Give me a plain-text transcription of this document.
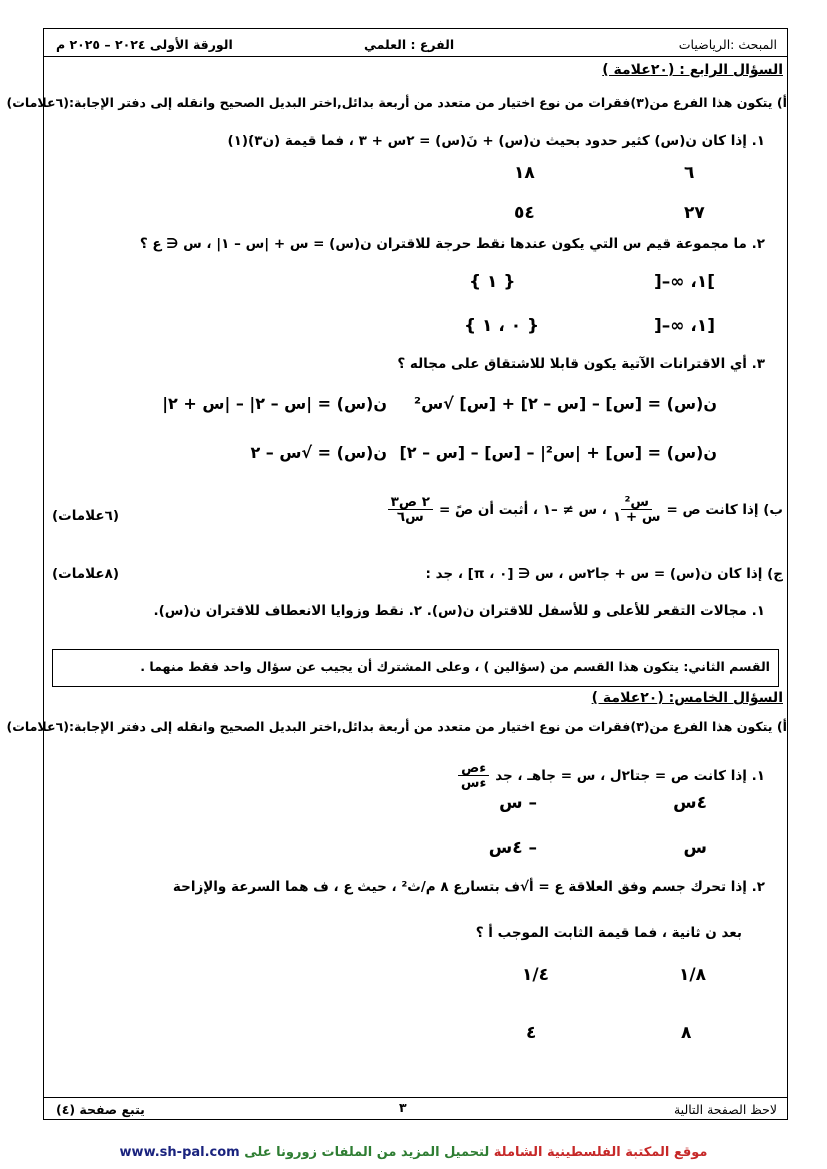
المبحث :الرياضيات
الفرع : العلمي
الورقة الأولى ٢٠٢٤ – ٢٠٢٥ م
السؤال الرابع : (٢٠علامة )
أ) يتكون هذا الفرع من(٣)فقرات من نوع اختيار من متعدد من أربعة بدائل,اختر البديل الصحيح وانقله إلى دفتر الإجابة:(٦علامات)
١. إذا كان ن(س) كثير حدود بحيث ن(س) + نَ(س) = ٢س + ٣ ، فما قيمة (ن٣)َ(١)
٦
١٨
٢٧
٥٤
٢. ما مجموعة قيم س التي يكون عندها نقط حرجة للاقتران ن(س) = س + |س – ١| ، س ∈ ع ؟
]–∞ ،١[
{ ١ }
]–∞ ،١]
{ ٠ ، ١ }
٣. أي الاقترانات الآتية يكون قابلا للاشتقاق على مجاله ؟
ن(س) = [س] – [س – ٢] + [س] √س²
ن(س) = |س – ٢| – |س + ٢|
ن(س) = [س] + |س²| – [س] – [س – ٢]
ن(س) = √س – ٢
ب) إذا كانت ص =
$\frac{\text{س²}}{\text{س + ١}}$
، س ≠ –١ ، أثبت أن صً =
$\frac{\text{٢ ص٣}}{\text{س٦}}$
(٦علامات)
ج) إذا كان ن(س) = س + جا٢س ، س ∈ [٠ ، π] ، جد :
(٨علامات)
١. مجالات التقعر للأعلى و للأسفل للاقتران ن(س). ٢. نقط وزوايا الانعطاف للاقتران ن(س).
القسم الثاني: يتكون هذا القسم من (سؤالين ) ، وعلى المشترك أن يجيب عن سؤال واحد فقط منهما .
السؤال الخامس: (٢٠علامة )
أ) يتكون هذا الفرع من(٣)فقرات من نوع اختيار من متعدد من أربعة بدائل,اختر البديل الصحيح وانقله إلى دفتر الإجابة:(٦علامات)
١. إذا كانت ص = جتا٢ل ، س = جاهـ ، جد
$\frac{\text{ءص}}{\text{ءس}}$
٤س
– س
س
– ٤س
٢. إذا تحرك جسم وفق العلاقة ع = أ√ف بتسارع ٨ م/ث² ، حيث ع ، ف هما السرعة والإزاحة
بعد ن ثانية ، فما قيمة الثابت الموجب أ ؟
١/٨
١/٤
٨
٤
لاحظ الصفحة التالية
٣
يتبع صفحة (٤)
www.sh-pal.com	موقع المكتبة الفلسطينية الشاملة لتحميل المزيد من الملفات زورونا على
